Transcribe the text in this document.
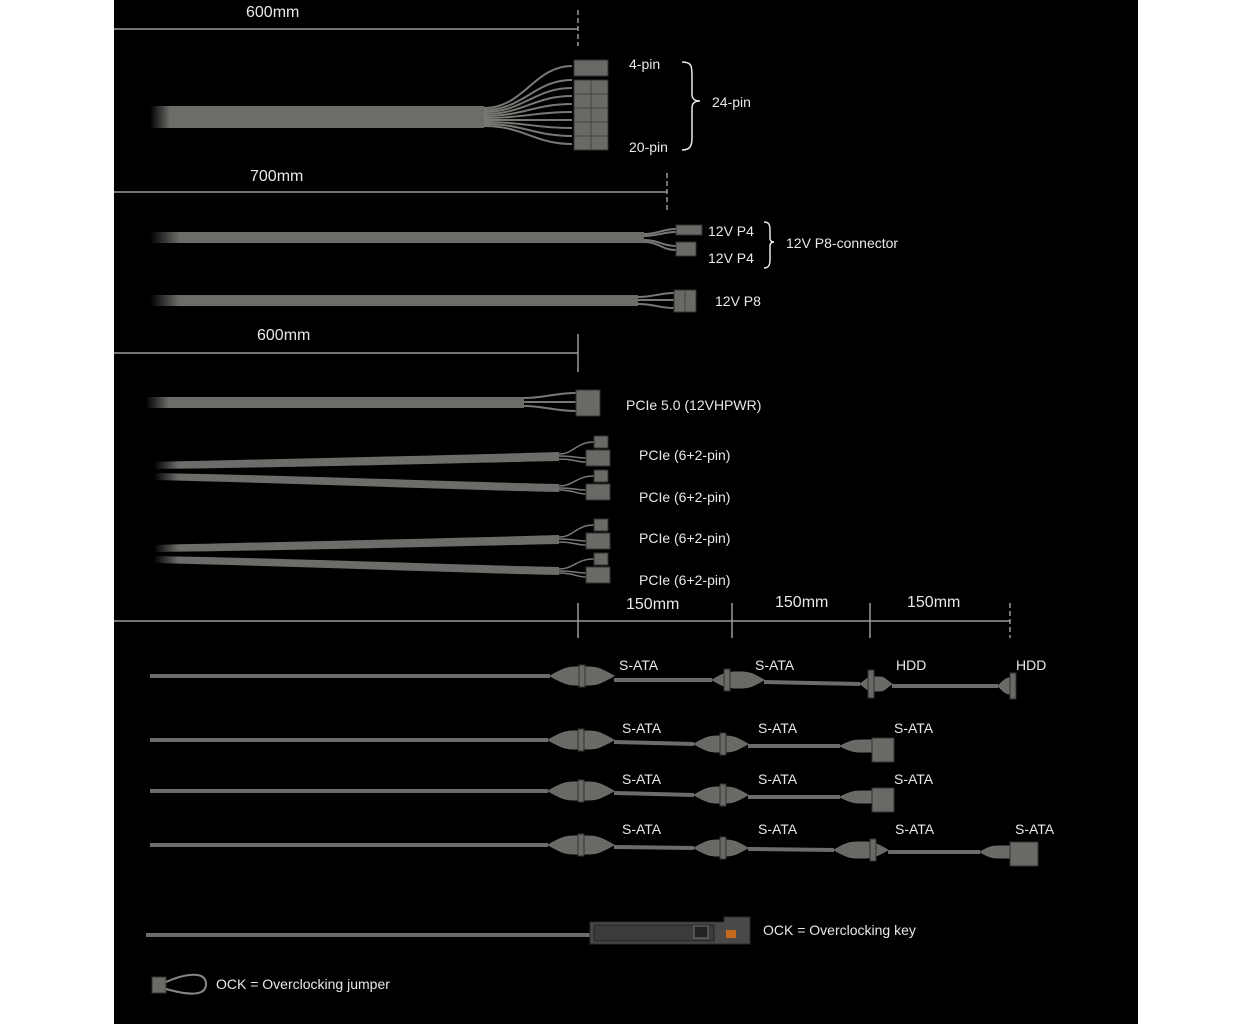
600mm
700mm
600mm
150mm	150mm	150mm
4-pin
24-pin
20-pin
12V P4
12V P4
12V P8-connector
12V P8
PCIe 5.0 (12VHPWR)
PCIe (6+2-pin)
PCIe (6+2-pin)
PCIe (6+2-pin)
PCIe (6+2-pin)
S-ATA	S-ATA	HDD	HDD
S-ATA	S-ATA	S-ATA
S-ATA	S-ATA	S-ATA
S-ATA	S-ATA	S-ATA	S-ATA
OCK = Overclocking key
OCK = Overclocking jumper
